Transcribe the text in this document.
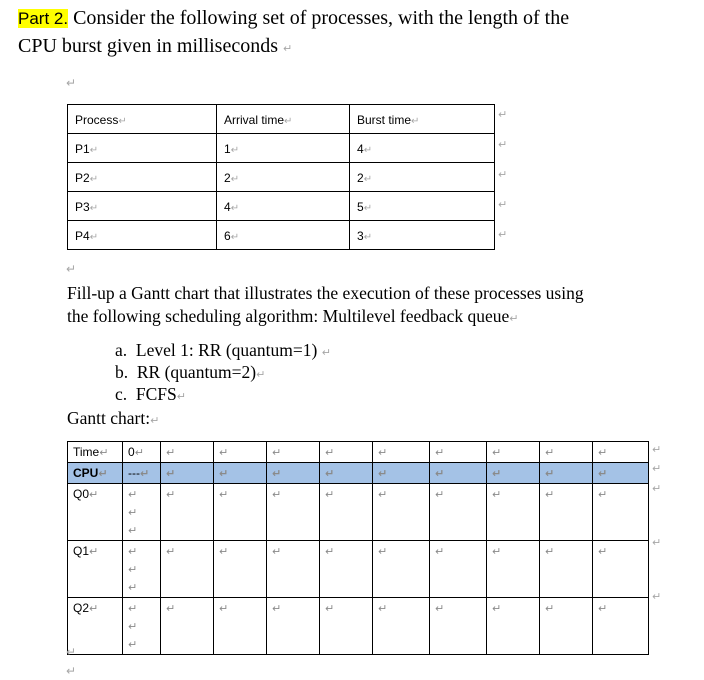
Part 2. Consider the following set of processes, with the length of the
CPU burst given in milliseconds ↵
↵
Process↵	Arrival time↵	Burst time↵
P1↵	1↵	4↵
P2↵	2↵	2↵
P3↵	4↵	5↵
P4↵	6↵	3↵
↵
↵
↵
↵
↵
↵
Fill-up a Gantt chart that illustrates the execution of these processes using
the following scheduling algorithm: Multilevel feedback queue↵
a. Level 1: RR (quantum=1) ↵
b. RR (quantum=2)↵
c. FCFS↵
Gantt chart:↵
Time↵	0↵	↵	↵	↵	↵	↵	↵	↵	↵	↵
CPU↵	---↵	↵	↵	↵	↵	↵	↵	↵	↵	↵
Q0↵	↵
↵
↵	↵	↵	↵	↵	↵	↵	↵	↵	↵
Q1↵	↵
↵
↵	↵	↵	↵	↵	↵	↵	↵	↵	↵
Q2↵	↵
↵
↵	↵	↵	↵	↵	↵	↵	↵	↵	↵
↵
↵
↵
↵
↵
↵
↵
